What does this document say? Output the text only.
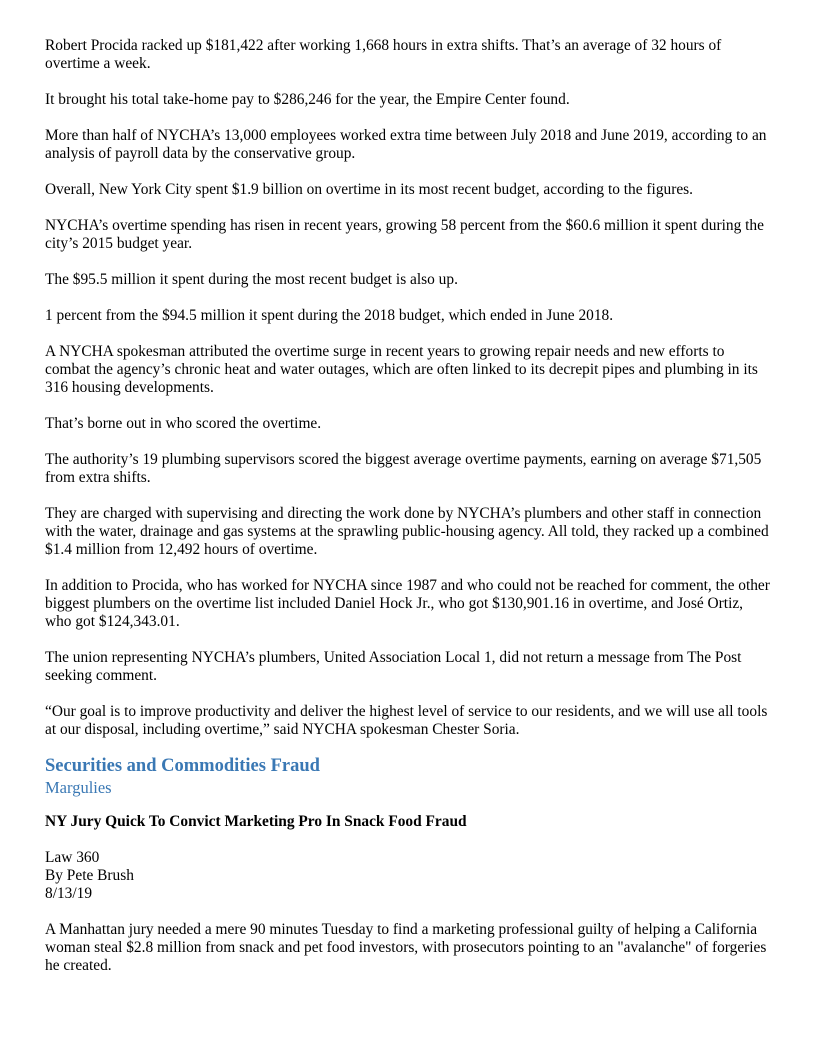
Robert Procida racked up $181,422 after working 1,668 hours in extra shifts. That’s an average of 32 hours of overtime a week.

It brought his total take-home pay to $286,246 for the year, the Empire Center found.

More than half of NYCHA’s 13,000 employees worked extra time between July 2018 and June 2019, according to an analysis of payroll data by the conservative group.

Overall, New York City spent $1.9 billion on overtime in its most recent budget, according to the figures.

NYCHA’s overtime spending has risen in recent years, growing 58 percent from the $60.6 million it spent during the city’s 2015 budget year.

The $95.5 million it spent during the most recent budget is also up.

1 percent from the $94.5 million it spent during the 2018 budget, which ended in June 2018.

A NYCHA spokesman attributed the overtime surge in recent years to growing repair needs and new efforts to combat the agency’s chronic heat and water outages, which are often linked to its decrepit pipes and plumbing in its 316 housing developments.

That’s borne out in who scored the overtime.

The authority’s 19 plumbing supervisors scored the biggest average overtime payments, earning on average $71,505 from extra shifts.

They are charged with supervising and directing the work done by NYCHA’s plumbers and other staff in connection with the water, drainage and gas systems at the sprawling public-housing agency. All told, they racked up a combined $1.4 million from 12,492 hours of overtime.

In addition to Procida, who has worked for NYCHA since 1987 and who could not be reached for comment, the other biggest plumbers on the overtime list included Daniel Hock Jr., who got $130,901.16 in overtime, and José Ortiz, who got $124,343.01.

The union representing NYCHA’s plumbers, United Association Local 1, did not return a message from The Post seeking comment.

“Our goal is to improve productivity and deliver the highest level of service to our residents, and we will use all tools at our disposal, including overtime,” said NYCHA spokesman Chester Soria.

Securities and Commodities Fraud
Margulies

NY Jury Quick To Convict Marketing Pro In Snack Food Fraud

Law 360
By Pete Brush
8/13/19

A Manhattan jury needed a mere 90 minutes Tuesday to find a marketing professional guilty of helping a California woman steal $2.8 million from snack and pet food investors, with prosecutors pointing to an "avalanche" of forgeries he created.
